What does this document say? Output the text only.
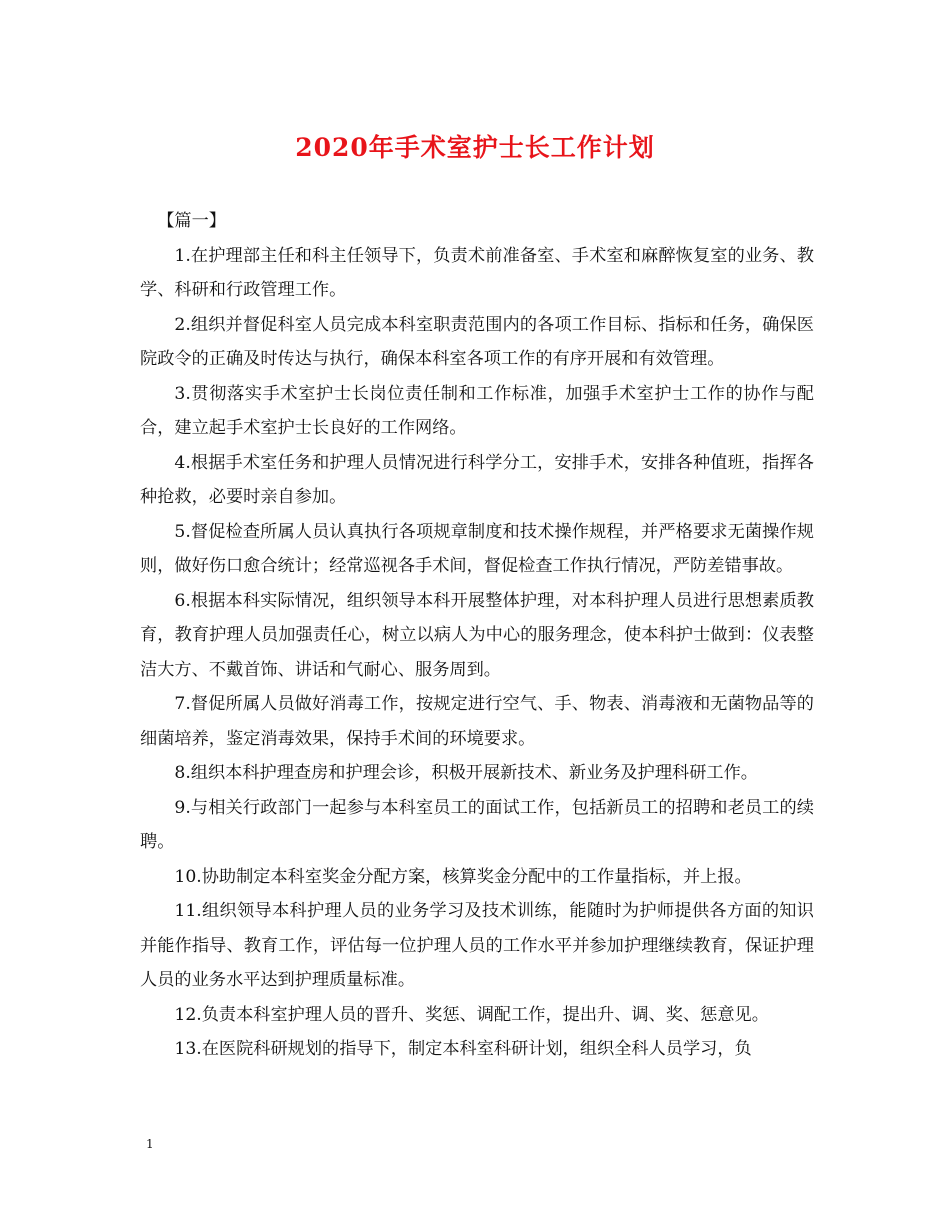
2020年手术室护士长工作计划

【篇一】

1.在护理部主任和科主任领导下，负责术前准备室、手术室和麻醉恢复室的业务、教学、科研和行政管理工作。

2.组织并督促科室人员完成本科室职责范围内的各项工作目标、指标和任务，确保医院政令的正确及时传达与执行，确保本科室各项工作的有序开展和有效管理。

3.贯彻落实手术室护士长岗位责任制和工作标准，加强手术室护士工作的协作与配合，建立起手术室护士长良好的工作网络。

4.根据手术室任务和护理人员情况进行科学分工，安排手术，安排各种值班，指挥各种抢救，必要时亲自参加。

5.督促检查所属人员认真执行各项规章制度和技术操作规程，并严格要求无菌操作规则，做好伤口愈合统计；经常巡视各手术间，督促检查工作执行情况，严防差错事故。

6.根据本科实际情况，组织领导本科开展整体护理，对本科护理人员进行思想素质教育，教育护理人员加强责任心，树立以病人为中心的服务理念，使本科护士做到：仪表整洁大方、不戴首饰、讲话和气耐心、服务周到。

7.督促所属人员做好消毒工作，按规定进行空气、手、物表、消毒液和无菌物品等的细菌培养，鉴定消毒效果，保持手术间的环境要求。

8.组织本科护理查房和护理会诊，积极开展新技术、新业务及护理科研工作。

9.与相关行政部门一起参与本科室员工的面试工作，包括新员工的招聘和老员工的续聘。

10.协助制定本科室奖金分配方案，核算奖金分配中的工作量指标，并上报。

11.组织领导本科护理人员的业务学习及技术训练，能随时为护师提供各方面的知识并能作指导、教育工作，评估每一位护理人员的工作水平并参加护理继续教育，保证护理人员的业务水平达到护理质量标准。

12.负责本科室护理人员的晋升、奖惩、调配工作，提出升、调、奖、惩意见。

13.在医院科研规划的指导下，制定本科室科研计划，组织全科人员学习，负

1
